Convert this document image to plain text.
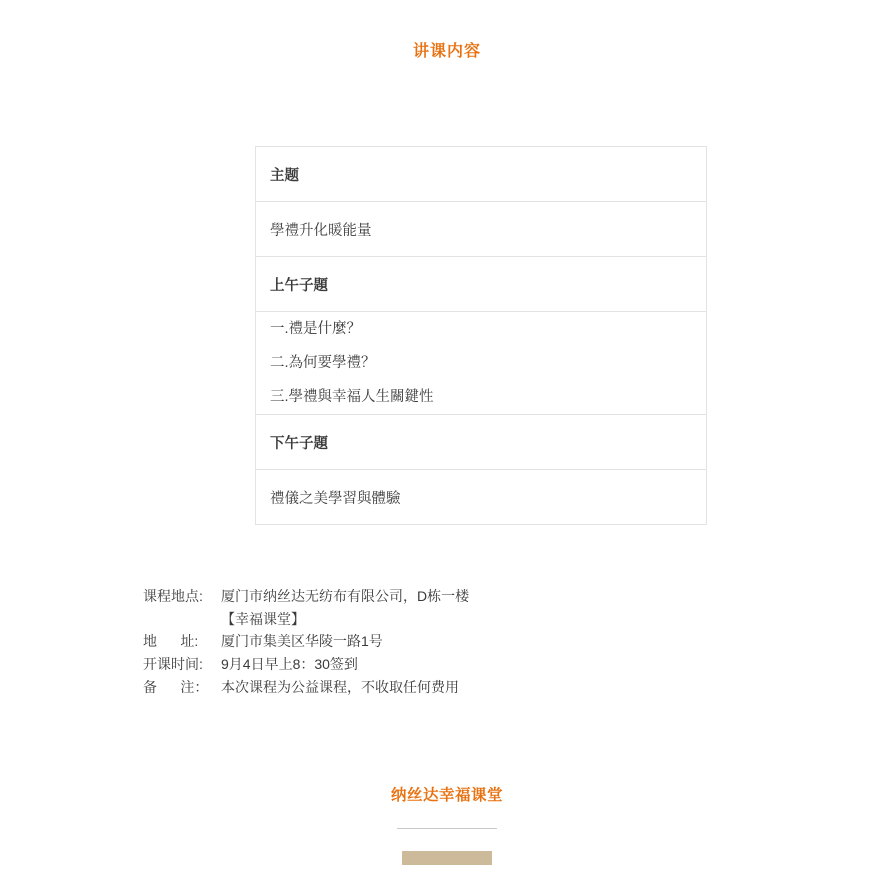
讲课内容
主题
學禮升化暖能量
上午子題

一.禮是什麼？
二.為何要學禮？
三.學禮與幸福人生關鍵性

下午子題
禮儀之美學習與體驗
课程地点:	厦门市纳丝达无纺布有限公司，D栋一楼
【幸福课堂】
地      址:	厦门市集美区华陵一路1号
开课时间:	9月4日早上8：30签到
备      注： 本次课程为公益课程，不收取任何费用
纳丝达幸福课堂
